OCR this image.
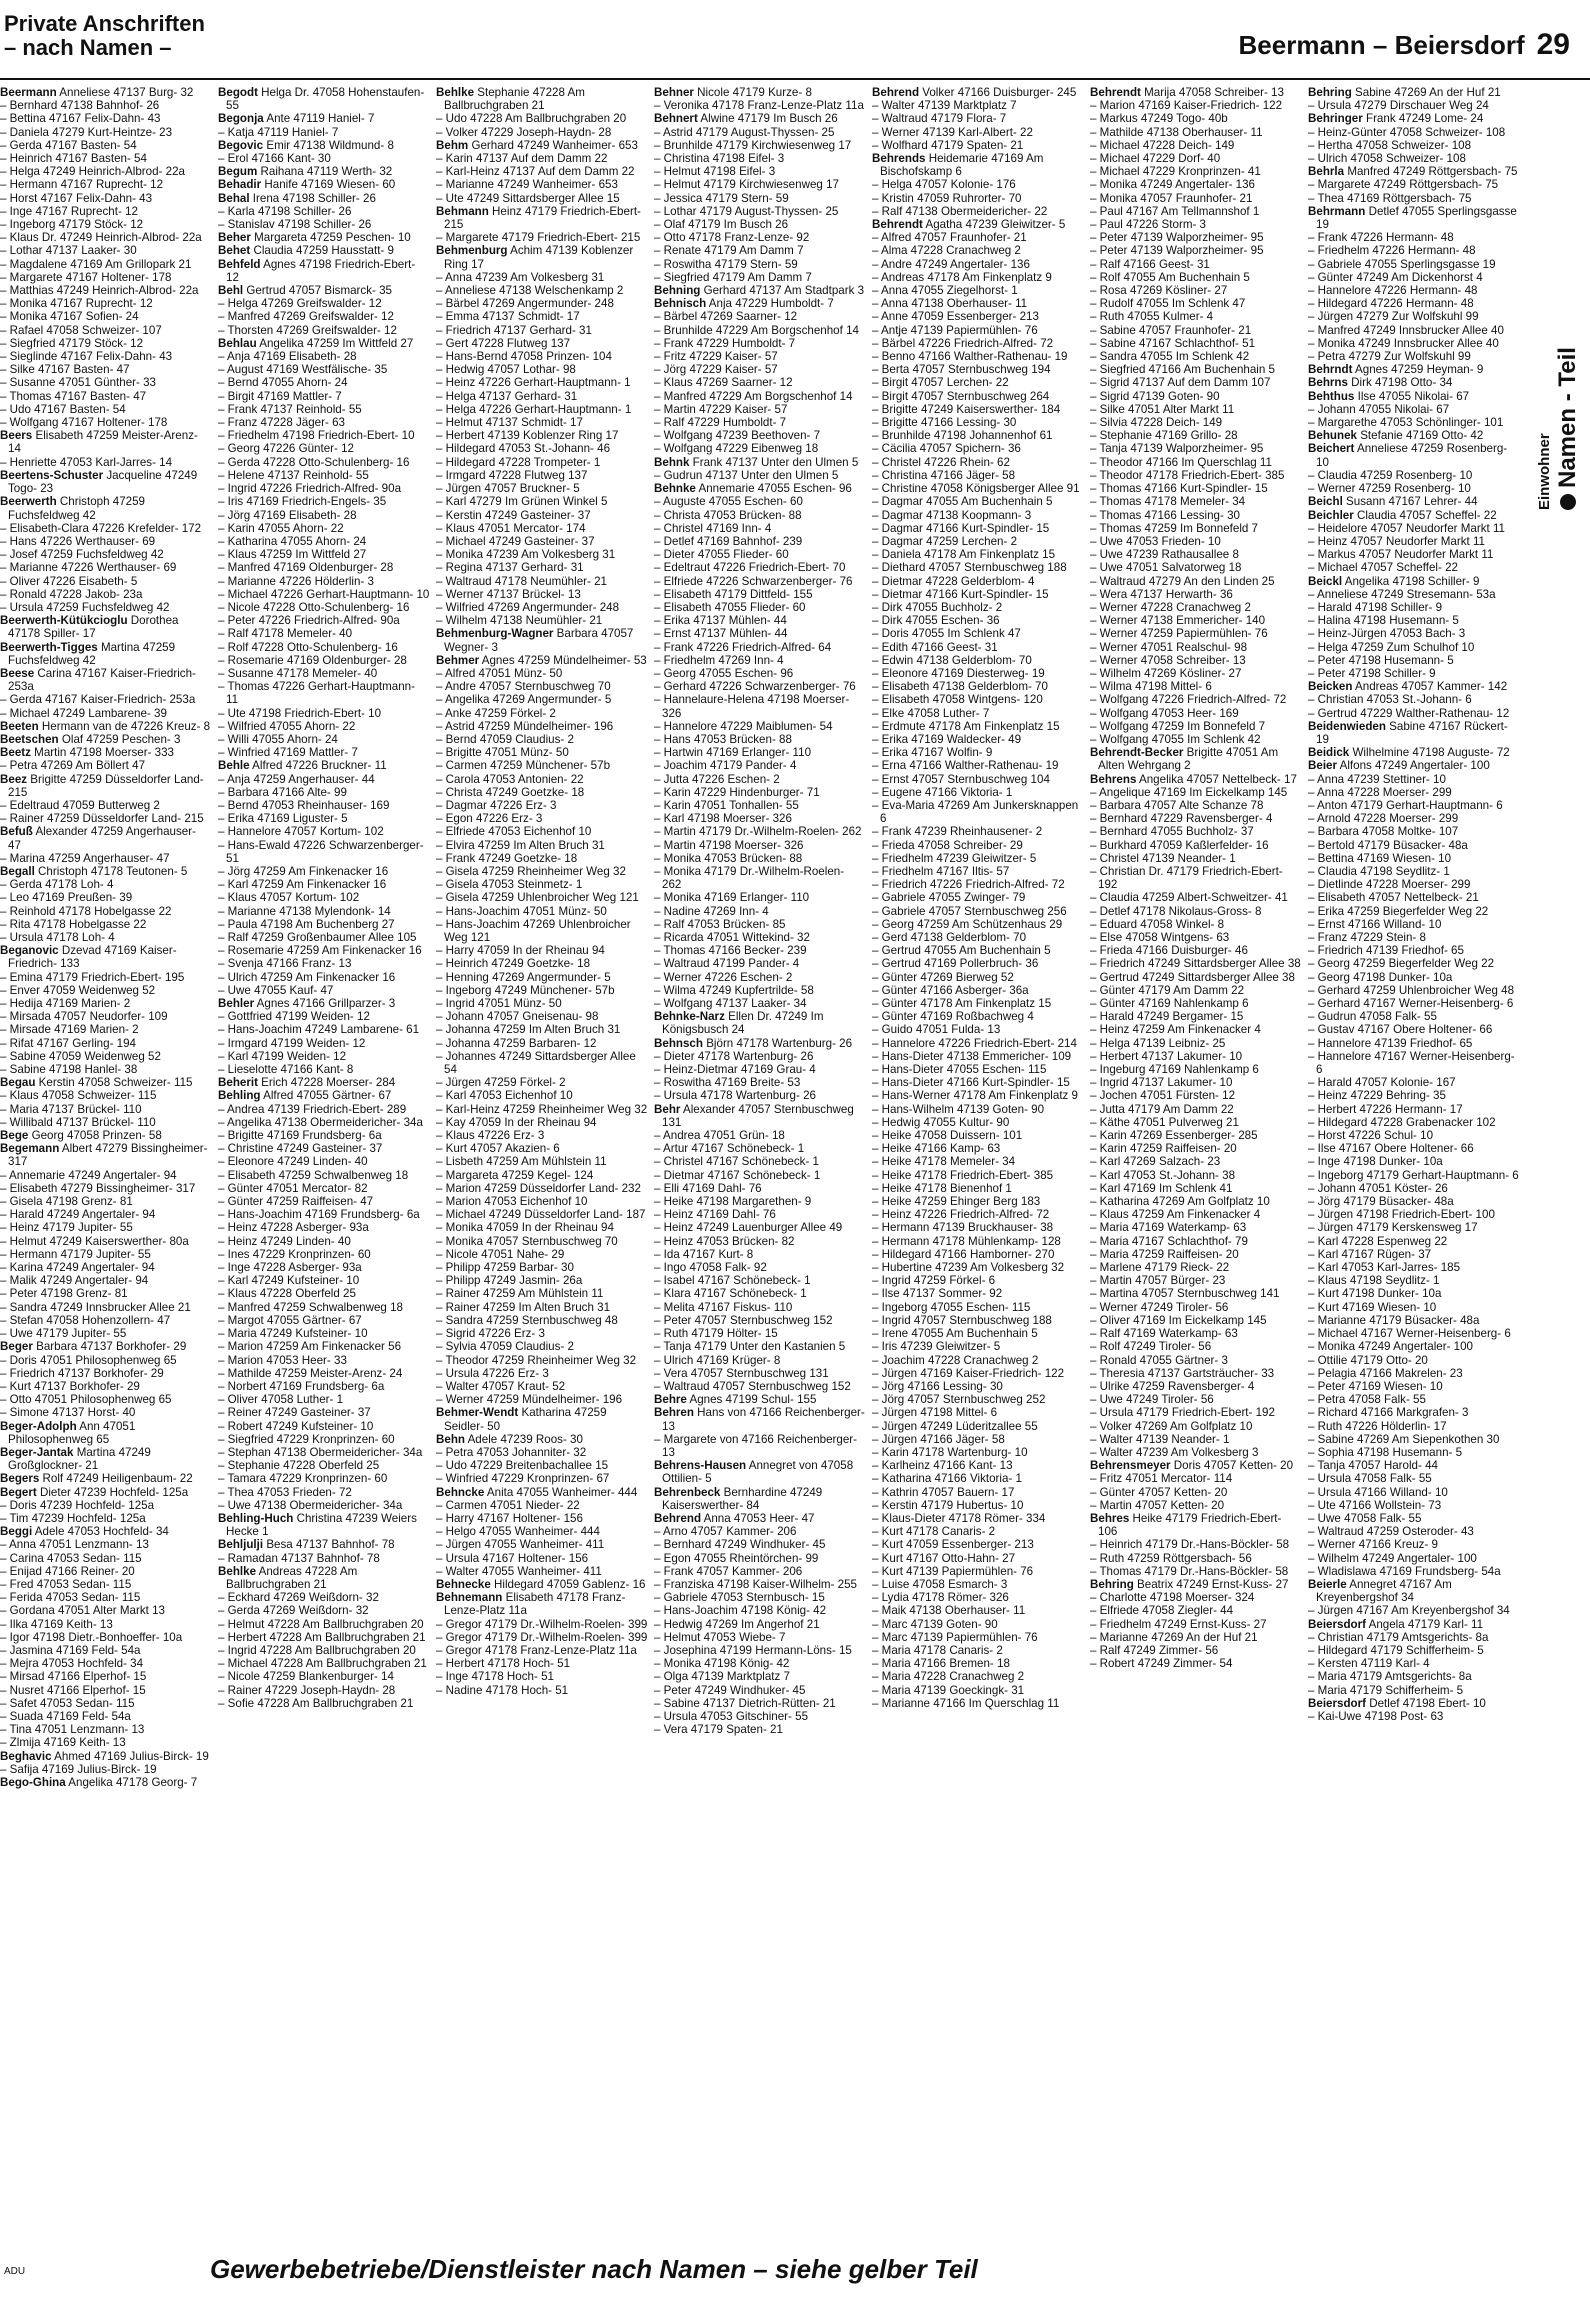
Private Anschriften
– nach Namen –	Beermann – Beiersdorf 29
Beermann Anneliese 47137 Burg- 32
– Bernhard 47138 Bahnhof- 26
– Bettina 47167 Felix-Dahn- 43
– Daniela 47279 Kurt-Heintze- 23
– Gerda 47167 Basten- 54
– Heinrich 47167 Basten- 54
– Helga 47249 Heinrich-Albrod- 22a
– Hermann 47167 Ruprecht- 12
– Horst 47167 Felix-Dahn- 43
– Inge 47167 Ruprecht- 12
– Ingeborg 47179 Stöck- 12
– Klaus Dr. 47249 Heinrich-Albrod- 22a
– Lothar 47137 Laaker- 30
– Magdalene 47169 Am Grillopark 21
– Margarete 47167 Holtener- 178
– Matthias 47249 Heinrich-Albrod- 22a
– Monika 47167 Ruprecht- 12
– Monika 47167 Sofien- 24
– Rafael 47058 Schweizer- 107
– Siegfried 47179 Stöck- 12
– Sieglinde 47167 Felix-Dahn- 43
– Silke 47167 Basten- 47
– Susanne 47051 Günther- 33
– Thomas 47167 Basten- 47
– Udo 47167 Basten- 54
– Wolfgang 47167 Holtener- 178
Beers Elisabeth 47259 Meister-Arenz- 14
– Henriette 47053 Karl-Jarres- 14
Beertens-Schuster Jacqueline 47249 Togo- 23
Beerwerth Christoph 47259 Fuchsfeldweg 42
– Elisabeth-Clara 47226 Krefelder- 172
– Hans 47226 Werthauser- 69
– Josef 47259 Fuchsfeldweg 42
– Marianne 47226 Werthauser- 69
– Oliver 47226 Eisabeth- 5
– Ronald 47228 Jakob- 23a
– Ursula 47259 Fuchsfeldweg 42
Beerwerth-Kütükcioglu Dorothea 47178 Spiller- 17
Beerwerth-Tigges Martina 47259 Fuchsfeldweg 42
Beese Carina 47167 Kaiser-Friedrich- 253a
– Gerda 47167 Kaiser-Friedrich- 253a
– Michael 47249 Lambarene- 39
Beeten Hermann van de 47226 Kreuz- 8
Beetschen Olaf 47259 Peschen- 3
Beetz Martin 47198 Moerser- 333
– Petra 47269 Am Böllert 47
Beez Brigitte 47259 Düsseldorfer Land- 215
– Edeltraud 47059 Butterweg 2
– Rainer 47259 Düsseldorfer Land- 215
Befuß Alexander 47259 Angerhauser- 47
– Marina 47259 Angerhauser- 47
Begall Christoph 47178 Teutonen- 5
– Gerda 47178 Loh- 4
– Leo 47169 Preußen- 39
– Reinhold 47178 Hobelgasse 22
– Rita 47178 Hobelgasse 22
– Ursula 47178 Loh- 4
Beganovic Dzevad 47169 Kaiser-Friedrich- 133
– Emina 47179 Friedrich-Ebert- 195
– Enver 47059 Weidenweg 52
– Hedija 47169 Marien- 2
– Mirsada 47057 Neudorfer- 109
– Mirsade 47169 Marien- 2
– Rifat 47167 Gerling- 194
– Sabine 47059 Weidenweg 52
– Sabine 47198 Hanlel- 38
Begau Kerstin 47058 Schweizer- 115
– Klaus 47058 Schweizer- 115
– Maria 47137 Brückel- 110
– Willibald 47137 Brückel- 110
Bege Georg 47058 Prinzen- 58
Begemann Albert 47279 Bissingheimer- 317
– Annemarie 47249 Angertaler- 94
– Elisabeth 47279 Bissingheimer- 317
– Gisela 47198 Grenz- 81
– Harald 47249 Angertaler- 94
– Heinz 47179 Jupiter- 55
– Helmut 47249 Kaiserswerther- 80a
– Hermann 47179 Jupiter- 55
– Karina 47249 Angertaler- 94
– Malik 47249 Angertaler- 94
– Peter 47198 Grenz- 81
– Sandra 47249 Innsbrucker Allee 21
– Stefan 47058 Hohenzollern- 47
– Uwe 47179 Jupiter- 55
Beger Barbara 47137 Borkhofer- 29
– Doris 47051 Philosophenweg 65
– Friedrich 47137 Borkhofer- 29
– Kurt 47137 Borkhofer- 29
– Otto 47051 Philosophenweg 65
– Simone 47137 Horst- 40
Beger-Adolph Ann 47051 Philosophenweg 65
Beger-Jantak Martina 47249 Großglockner- 21
Begers Rolf 47249 Heiligenbaum- 22
Begert Dieter 47239 Hochfeld- 125a
– Doris 47239 Hochfeld- 125a
– Tim 47239 Hochfeld- 125a
Beggi Adele 47053 Hochfeld- 34
– Anna 47051 Lenzmann- 13
– Carina 47053 Sedan- 115
– Enijad 47166 Reiner- 20
– Fred 47053 Sedan- 115
– Ferida 47053 Sedan- 115
– Gordana 47051 Alter Markt 13
– Ilka 47169 Keith- 13
– Igor 47198 Dietr.-Bonhoeffer- 10a
– Jasmina 47169 Feld- 54a
– Mejra 47053 Hochfeld- 34
– Mirsad 47166 Elperhof- 15
– Nusret 47166 Elperhof- 15
– Safet 47053 Sedan- 115
– Suada 47169 Feld- 54a
– Tina 47051 Lenzmann- 13
– Zlmija 47169 Keith- 13
Beghavic Ahmed 47169 Julius-Birck- 19
– Safija 47169 Julius-Birck- 19
Bego-Ghina Angelika 47178 Georg- 7
Begodt Helga Dr. 47058 Hohenstaufen- 55
Begonja Ante 47119 Haniel- 7
– Katja 47119 Haniel- 7
Begovic Emir 47138 Wildmund- 8
– Erol 47166 Kant- 30
Begum Raihana 47119 Werth- 32
Behadir Hanife 47169 Wiesen- 60
Behal Irena 47198 Schiller- 26
– Karla 47198 Schiller- 26
– Stanislav 47198 Schiller- 26
Beher Margareta 47259 Peschen- 10
Behet Claudia 47259 Hausstatt- 9
Behfeld Agnes 47198 Friedrich-Ebert- 12
Behl Gertrud 47057 Bismarck- 35
– Helga 47269 Greifswalder- 12
– Manfred 47269 Greifswalder- 12
– Thorsten 47269 Greifswalder- 12
Behlau Angelika 47259 Im Wittfeld 27
– Anja 47169 Elisabeth- 28
– August 47169 Westfälische- 35
– Bernd 47055 Ahorn- 24
– Birgit 47169 Mattler- 7
– Frank 47137 Reinhold- 55
– Franz 47228 Jäger- 63
– Friedhelm 47198 Friedrich-Ebert- 10
– Georg 47226 Günter- 12
– Gerda 47228 Otto-Schulenberg- 16
– Helene 47137 Reinhold- 55
– Ingrid 47226 Friedrich-Alfred- 90a
– Iris 47169 Friedrich-Engels- 35
– Jörg 47169 Elisabeth- 28
– Karin 47055 Ahorn- 22
– Katharina 47055 Ahorn- 24
– Klaus 47259 Im Wittfeld 27
– Manfred 47169 Oldenburger- 28
– Marianne 47226 Hölderlin- 3
– Michael 47226 Gerhart-Hauptmann- 10
– Nicole 47228 Otto-Schulenberg- 16
– Peter 47226 Friedrich-Alfred- 90a
– Ralf 47178 Memeler- 40
– Rolf 47228 Otto-Schulenberg- 16
– Rosemarie 47169 Oldenburger- 28
– Susanne 47178 Memeler- 40
– Thomas 47226 Gerhart-Hauptmann- 11
– Ute 47198 Friedrich-Ebert- 10
– Wilfried 47055 Ahorn- 22
– Willi 47055 Ahorn- 24
– Winfried 47169 Mattler- 7
Behle Alfred 47226 Bruckner- 11
– Anja 47259 Angerhauser- 44
– Barbara 47166 Alte- 99
– Bernd 47053 Rheinhauser- 169
– Erika 47169 Liguster- 5
– Hannelore 47057 Kortum- 102
– Hans-Ewald 47226 Schwarzenberger- 51
– Jörg 47259 Am Finkenacker 16
– Karl 47259 Am Finkenacker 16
– Klaus 47057 Kortum- 102
– Marianne 47138 Mylendonk- 14
– Paula 47198 Am Buchenberg 27
– Ralf 47259 Großenbaumer Allee 105
– Rosemarie 47259 Am Finkenacker 16
– Svenja 47166 Franz- 13
– Ulrich 47259 Am Finkenacker 16
– Uwe 47055 Kauf- 47
Behler Agnes 47166 Grillparzer- 3
– Gottfried 47199 Weiden- 12
– Hans-Joachim 47249 Lambarene- 61
– Irmgard 47199 Weiden- 12
– Karl 47199 Weiden- 12
– Lieselotte 47166 Kant- 8
Beherit Erich 47228 Moerser- 284
Behling Alfred 47055 Gärtner- 67
– Andrea 47139 Friedrich-Ebert- 289
– Angelika 47138 Obermeidericher- 34a
– Brigitte 47169 Frundsberg- 6a
– Christine 47249 Gasteiner- 37
– Eleonore 47249 Linden- 40
– Elisabeth 47259 Schwalbenweg 18
– Günter 47051 Mercator- 82
– Günter 47259 Raiffeisen- 47
– Hans-Joachim 47169 Frundsberg- 6a
– Heinz 47228 Asberger- 93a
– Heinz 47249 Linden- 40
– Ines 47229 Kronprinzen- 60
– Inge 47228 Asberger- 93a
– Karl 47249 Kufsteiner- 10
– Klaus 47228 Oberfeld 25
– Manfred 47259 Schwalbenweg 18
– Margot 47055 Gärtner- 67
– Maria 47249 Kufsteiner- 10
– Marion 47259 Am Finkenacker 56
– Marion 47053 Heer- 33
– Mathilde 47259 Meister-Arenz- 24
– Norbert 47169 Frundsberg- 6a
– Oliver 47058 Luther- 1
– Reiner 47249 Gasteiner- 37
– Robert 47249 Kufsteiner- 10
– Siegfried 47229 Kronprinzen- 60
– Stephan 47138 Obermeidericher- 34a
– Stephanie 47228 Oberfeld 25
– Tamara 47229 Kronprinzen- 60
– Thea 47053 Frieden- 72
– Uwe 47138 Obermeidericher- 34a
Behling-Huch Christina 47239 Weiers Hecke 1
Behljulji Besa 47137 Bahnhof- 78
– Ramadan 47137 Bahnhof- 78
Behlke Andreas 47228 Am Ballbruchgraben 21
– Eckhard 47269 Weißdorn- 32
– Gerda 47269 Weißdorn- 32
– Helmut 47228 Am Ballbruchgraben 20
– Herbert 47228 Am Ballbruchgraben 21
– Ingrid 47228 Am Ballbruchgraben 20
– Michael 47228 Am Ballbruchgraben 21
– Nicole 47259 Blankenburger- 14
– Rainer 47229 Joseph-Haydn- 28
– Sofie 47228 Am Ballbruchgraben 21
Behlke Stephanie 47228 Am Ballbruchgraben 21
– Udo 47228 Am Ballbruchgraben 20
– Volker 47229 Joseph-Haydn- 28
Behm Gerhard 47249 Wanheimer- 653
– Karin 47137 Auf dem Damm 22
– Karl-Heinz 47137 Auf dem Damm 22
– Marianne 47249 Wanheimer- 653
– Ute 47249 Sittardsberger Allee 15
Behmann Heinz 47179 Friedrich-Ebert- 215
– Margarete 47179 Friedrich-Ebert- 215
Behmenburg Achim 47139 Koblenzer Ring 17
– Anna 47239 Am Volkesberg 31
– Anneliese 47138 Welschenkamp 2
– Bärbel 47269 Angermunder- 248
– Emma 47137 Schmidt- 17
– Friedrich 47137 Gerhard- 31
– Gert 47228 Flutweg 137
– Hans-Bernd 47058 Prinzen- 104
– Hedwig 47057 Lothar- 98
– Heinz 47226 Gerhart-Hauptmann- 1
– Helga 47137 Gerhard- 31
– Helga 47226 Gerhart-Hauptmann- 1
– Helmut 47137 Schmidt- 17
– Herbert 47139 Koblenzer Ring 17
– Hildegard 47053 St.-Johann- 46
– Hildegard 47228 Trompeter- 1
– Irmgard 47228 Flutweg 137
– Jürgen 47057 Bruckner- 5
– Karl 47279 Im Grünen Winkel 5
– Kerstin 47249 Gasteiner- 37
– Klaus 47051 Mercator- 174
– Michael 47249 Gasteiner- 37
– Monika 47239 Am Volkesberg 31
– Regina 47137 Gerhard- 31
– Waltraud 47178 Neumühler- 21
– Werner 47137 Brückel- 13
– Wilfried 47269 Angermunder- 248
– Wilhelm 47138 Neumühler- 21
Behmenburg-Wagner Barbara 47057 Wegner- 3
Behmer Agnes 47259 Mündelheimer- 53
– Alfred 47051 Münz- 50
– Andre 47057 Sternbuschweg 70
– Angelika 47269 Angermunder- 5
– Anke 47259 Förkel- 2
– Astrid 47259 Mündelheimer- 196
– Bernd 47059 Claudius- 2
– Brigitte 47051 Münz- 50
– Carmen 47259 Münchener- 57b
– Carola 47053 Antonien- 22
– Christa 47249 Goetzke- 18
– Dagmar 47226 Erz- 3
– Egon 47226 Erz- 3
– Elfriede 47053 Eichenhof 10
– Elvira 47259 Im Alten Bruch 31
– Frank 47249 Goetzke- 18
– Gisela 47259 Rheinheimer Weg 32
– Gisela 47053 Steinmetz- 1
– Gisela 47259 Uhlenbroicher Weg 121
– Hans-Joachim 47051 Münz- 50
– Hans-Joachim 47269 Uhlenbroicher Weg 121
– Harry 47059 In der Rheinau 94
– Heinrich 47249 Goetzke- 18
– Henning 47269 Angermunder- 5
– Ingeborg 47249 Münchener- 57b
– Ingrid 47051 Münz- 50
– Johann 47057 Gneisenau- 98
– Johanna 47259 Im Alten Bruch 31
– Johanna 47259 Barbaren- 12
– Johannes 47249 Sittardsberger Allee 54
– Jürgen 47259 Förkel- 2
– Karl 47053 Eichenhof 10
– Karl-Heinz 47259 Rheinheimer Weg 32
– Kay 47059 In der Rheinau 94
– Klaus 47226 Erz- 3
– Kurt 47057 Akazien- 6
– Lisbeth 47259 Am Mühlstein 11
– Margareta 47259 Kegel- 124
– Marion 47259 Düsseldorfer Land- 232
– Marion 47053 Eichenhof 10
– Michael 47249 Düsseldorfer Land- 187
– Monika 47059 In der Rheinau 94
– Monika 47057 Sternbuschweg 70
– Nicole 47051 Nahe- 29
– Philipp 47259 Barbar- 30
– Philipp 47249 Jasmin- 26a
– Rainer 47259 Am Mühlstein 11
– Rainer 47259 Im Alten Bruch 31
– Sandra 47259 Sternbuschweg 48
– Sigrid 47226 Erz- 3
– Sylvia 47059 Claudius- 2
– Theodor 47259 Rheinheimer Weg 32
– Ursula 47226 Erz- 3
– Walter 47057 Kraut- 52
– Werner 47259 Mündelheimer- 196
Behmer-Wendt Katharina 47259 Seidler- 50
Behn Adele 47239 Roos- 30
– Petra 47053 Johanniter- 32
– Udo 47229 Breitenbachallee 15
– Winfried 47229 Kronprinzen- 67
Behncke Anita 47055 Wanheimer- 444
– Carmen 47051 Nieder- 22
– Harry 47167 Holtener- 156
– Helgo 47055 Wanheimer- 444
– Jürgen 47055 Wanheimer- 411
– Ursula 47167 Holtener- 156
– Walter 47055 Wanheimer- 411
Behnecke Hildegard 47059 Gablenz- 16
Behnemann Elisabeth 47178 Franz-Lenze-Platz 11a
– Gregor 47179 Dr.-Wilhelm-Roelen- 399
– Gregor 47179 Dr.-Wilhelm-Roelen- 399
– Gregor 47178 Franz-Lenze-Platz 11a
– Herbert 47178 Hoch- 51
– Inge 47178 Hoch- 51
– Nadine 47178 Hoch- 51
Behner Nicole 47179 Kurze- 8
– Veronika 47178 Franz-Lenze-Platz 11a
Behnert Alwine 47179 Im Busch 26
– Astrid 47179 August-Thyssen- 25
– Brunhilde 47179 Kirchwiesenweg 17
– Christina 47198 Eifel- 3
– Helmut 47198 Eifel- 3
– Helmut 47179 Kirchwiesenweg 17
– Jessica 47179 Stern- 59
– Lothar 47179 August-Thyssen- 25
– Olaf 47179 Im Busch 26
– Otto 47178 Franz-Lenze- 92
– Renate 47179 Am Damm 7
– Roswitha 47179 Stern- 59
– Siegfried 47179 Am Damm 7
Behning Gerhard 47137 Am Stadtpark 3
Behnisch Anja 47229 Humboldt- 7
– Bärbel 47269 Saarner- 12
– Brunhilde 47229 Am Borgschenhof 14
– Frank 47229 Humboldt- 7
– Fritz 47229 Kaiser- 57
– Jörg 47229 Kaiser- 57
– Klaus 47269 Saarner- 12
– Manfred 47229 Am Borgschenhof 14
– Martin 47229 Kaiser- 57
– Ralf 47229 Humboldt- 7
– Wolfgang 47239 Beethoven- 7
– Wolfgang 47229 Eibenweg 18
Behnk Frank 47137 Unter den Ulmen 5
– Gudrun 47137 Unter den Ulmen 5
Behnke Annemarie 47055 Eschen- 96
– Auguste 47055 Eschen- 60
– Christa 47053 Brücken- 88
– Christel 47169 Inn- 4
– Detlef 47169 Bahnhof- 239
– Dieter 47055 Flieder- 60
– Edeltraut 47226 Friedrich-Ebert- 70
– Elfriede 47226 Schwarzenberger- 76
– Elisabeth 47179 Dittfeld- 155
– Elisabeth 47055 Flieder- 60
– Erika 47137 Mühlen- 44
– Ernst 47137 Mühlen- 44
– Frank 47226 Friedrich-Alfred- 64
– Friedhelm 47269 Inn- 4
– Georg 47055 Eschen- 96
– Gerhard 47226 Schwarzenberger- 76
– Hannelaure-Helena 47198 Moerser- 326
– Hannelore 47229 Maiblumen- 54
– Hans 47053 Brücken- 88
– Hartwin 47169 Erlanger- 110
– Joachim 47179 Pander- 4
– Jutta 47226 Eschen- 2
– Karin 47229 Hindenburger- 71
– Karin 47051 Tonhallen- 55
– Karl 47198 Moerser- 326
– Martin 47179 Dr.-Wilhelm-Roelen- 262
– Martin 47198 Moerser- 326
– Monika 47053 Brücken- 88
– Monika 47179 Dr.-Wilhelm-Roelen- 262
– Monika 47169 Erlanger- 110
– Nadine 47269 Inn- 4
– Ralf 47053 Brücken- 85
– Ricarda 47051 Wittekind- 32
– Thomas 47166 Becker- 239
– Waltraud 47199 Pander- 4
– Werner 47226 Eschen- 2
– Wilma 47249 Kupfertrilde- 58
– Wolfgang 47137 Laaker- 34
Behnke-Narz Ellen Dr. 47249 Im Königsbusch 24
Behnsch Björn 47178 Wartenburg- 26
– Dieter 47178 Wartenburg- 26
– Heinz-Dietmar 47169 Grau- 4
– Roswitha 47169 Breite- 53
– Ursula 47178 Wartenburg- 26
Behr Alexander 47057 Sternbuschweg 131
– Andrea 47051 Grün- 18
– Artur 47167 Schönebeck- 1
– Christel 47167 Schönebeck- 1
– Dietmar 47167 Schönebeck- 1
– Elli 47169 Dahl- 76
– Heike 47198 Margarethen- 9
– Heinz 47169 Dahl- 76
– Heinz 47249 Lauenburger Allee 49
– Heinz 47053 Brücken- 82
– Ida 47167 Kurt- 8
– Ingo 47058 Falk- 92
– Isabel 47167 Schönebeck- 1
– Klara 47167 Schönebeck- 1
– Melita 47167 Fiskus- 110
– Peter 47057 Sternbuschweg 152
– Ruth 47179 Hölter- 15
– Tanja 47179 Unter den Kastanien 5
– Ulrich 47169 Krüger- 8
– Vera 47057 Sternbuschweg 131
– Waltraud 47057 Sternbuschweg 152
Behre Agnes 47199 Schul- 155
Behren Hans von 47166 Reichenberger- 13
– Margarete von 47166 Reichenberger- 13
Behrens-Hausen Annegret von 47058 Ottilien- 5
Behrenbeck Bernhardine 47249 Kaiserswerther- 84
Behrend Anna 47053 Heer- 47
– Arno 47057 Kammer- 206
– Bernhard 47249 Windhuker- 45
– Egon 47055 Rheintörchen- 99
– Frank 47057 Kammer- 206
– Franziska 47198 Kaiser-Wilhelm- 255
– Gabriele 47053 Sternbusch- 15
– Hans-Joachim 47198 König- 42
– Hedwig 47269 Im Angerhof 21
– Helmut 47053 Wiebe- 7
– Josephina 47199 Hermann-Löns- 15
– Monika 47198 König- 42
– Olga 47139 Marktplatz 7
– Peter 47249 Windhuker- 45
– Sabine 47137 Dietrich-Rütten- 21
– Ursula 47053 Gitschiner- 55
– Vera 47179 Spaten- 21
Behrend Volker 47166 Duisburger- 245
– Walter 47139 Marktplatz 7
– Waltraud 47179 Flora- 7
– Werner 47139 Karl-Albert- 22
– Wolfhard 47179 Spaten- 21
Behrends Heidemarie 47169 Am Bischofskamp 6
– Helga 47057 Kolonie- 176
– Kristin 47059 Ruhrorter- 70
– Ralf 47138 Obermeidericher- 22
Behrendt Agatha 47239 Gleiwitzer- 5
– Alfred 47057 Fraunhofer- 21
– Alma 47228 Cranachweg 2
– Andre 47249 Angertaler- 136
– Andreas 47178 Am Finkenplatz 9
– Anna 47055 Ziegelhorst- 1
– Anna 47138 Oberhauser- 11
– Anne 47059 Essenberger- 213
– Antje 47139 Papiermühlen- 76
– Bärbel 47226 Friedrich-Alfred- 72
– Benno 47166 Walther-Rathenau- 19
– Berta 47057 Sternbuschweg 194
– Birgit 47057 Lerchen- 22
– Birgit 47057 Sternbuschweg 264
– Brigitte 47249 Kaiserswerther- 184
– Brigitte 47166 Lessing- 30
– Brunhilde 47198 Johannenhof 61
– Cäcilia 47057 Spichern- 36
– Christel 47226 Rhein- 62
– Christina 47166 Jäger- 58
– Christine 47058 Königsberger Allee 91
– Dagmar 47055 Am Buchenhain 5
– Dagmar 47138 Koopmann- 3
– Dagmar 47166 Kurt-Spindler- 15
– Dagmar 47259 Lerchen- 2
– Daniela 47178 Am Finkenplatz 15
– Diethard 47057 Sternbuschweg 188
– Dietmar 47228 Gelderblom- 4
– Dietmar 47166 Kurt-Spindler- 15
– Dirk 47055 Buchholz- 2
– Dirk 47055 Eschen- 36
– Doris 47055 Im Schlenk 47
– Edith 47166 Geest- 31
– Edwin 47138 Gelderblom- 70
– Eleonore 47169 Diesterweg- 19
– Elisabeth 47138 Gelderblom- 70
– Elisabeth 47058 Wintgens- 120
– Elke 47058 Luther- 7
– Erdmute 47178 Am Finkenplatz 15
– Erika 47169 Waldecker- 49
– Erika 47167 Wolfin- 9
– Erna 47166 Walther-Rathenau- 19
– Ernst 47057 Sternbuschweg 104
– Eugene 47166 Viktoria- 1
– Eva-Maria 47269 Am Junkersknappen 6
– Frank 47239 Rheinhausener- 2
– Frieda 47058 Schreiber- 29
– Friedhelm 47239 Gleiwitzer- 5
– Friedhelm 47167 Iltis- 57
– Friedrich 47226 Friedrich-Alfred- 72
– Gabriele 47055 Zwinger- 79
– Gabriele 47057 Sternbuschweg 256
– Georg 47259 Am Schützenhaus 29
– Gerd 47138 Gelderblom- 70
– Gertrud 47055 Am Buchenhain 5
– Gertrud 47169 Pollerbruch- 36
– Günter 47269 Bierweg 52
– Günter 47166 Asberger- 36a
– Günter 47178 Am Finkenplatz 15
– Günter 47169 Roßbachweg 4
– Guido 47051 Fulda- 13
– Hannelore 47226 Friedrich-Ebert- 214
– Hans-Dieter 47138 Emmericher- 109
– Hans-Dieter 47055 Eschen- 115
– Hans-Dieter 47166 Kurt-Spindler- 15
– Hans-Werner 47178 Am Finkenplatz 9
– Hans-Wilhelm 47139 Goten- 90
– Hedwig 47055 Kultur- 90
– Heike 47058 Duissern- 101
– Heike 47166 Kamp- 63
– Heike 47178 Memeler- 34
– Heike 47178 Friedrich-Ebert- 385
– Heike 47178 Bienenhof 1
– Heike 47259 Ehinger Berg 183
– Heinz 47226 Friedrich-Alfred- 72
– Hermann 47139 Bruckhauser- 38
– Hermann 47178 Mühlenkamp- 128
– Hildegard 47166 Hamborner- 270
– Hubertine 47239 Am Volkesberg 32
– Ingrid 47259 Förkel- 6
– Ilse 47137 Sommer- 92
– Ingeborg 47055 Eschen- 115
– Ingrid 47057 Sternbuschweg 188
– Irene 47055 Am Buchenhain 5
– Iris 47239 Gleiwitzer- 5
– Joachim 47228 Cranachweg 2
– Jürgen 47169 Kaiser-Friedrich- 122
– Jörg 47166 Lessing- 30
– Jörg 47057 Sternbuschweg 252
– Jürgen 47198 Mittel- 6
– Jürgen 47249 Lüderitzallee 55
– Jürgen 47166 Jäger- 58
– Karin 47178 Wartenburg- 10
– Karlheinz 47166 Kant- 13
– Katharina 47166 Viktoria- 1
– Kathrin 47057 Bauern- 17
– Kerstin 47179 Hubertus- 10
– Klaus-Dieter 47178 Römer- 334
– Kurt 47178 Canaris- 2
– Kurt 47059 Essenberger- 213
– Kurt 47167 Otto-Hahn- 27
– Kurt 47139 Papiermühlen- 76
– Luise 47058 Esmarch- 3
– Lydia 47178 Römer- 326
– Maik 47138 Oberhauser- 11
– Marc 47139 Goten- 90
– Marc 47139 Papiermühlen- 76
– Maria 47178 Canaris- 2
– Maria 47166 Bremen- 18
– Maria 47228 Cranachweg 2
– Maria 47139 Goeckingk- 31
– Marianne 47166 Im Querschlag 11
Behrendt Marija 47058 Schreiber- 13
– Marion 47169 Kaiser-Friedrich- 122
– Markus 47249 Togo- 40b
– Mathilde 47138 Oberhauser- 11
– Michael 47228 Deich- 149
– Michael 47229 Dorf- 40
– Michael 47229 Kronprinzen- 41
– Monika 47249 Angertaler- 136
– Monika 47057 Fraunhofer- 21
– Paul 47167 Am Tellmannshof 1
– Paul 47226 Storm- 3
– Peter 47139 Walporzheimer- 95
– Peter 47139 Walporzheimer- 95
– Ralf 47166 Geest- 31
– Rolf 47055 Am Buchenhain 5
– Rosa 47269 Kösliner- 27
– Rudolf 47055 Im Schlenk 47
– Ruth 47055 Kulmer- 4
– Sabine 47057 Fraunhofer- 21
– Sabine 47167 Schlachthof- 51
– Sandra 47055 Im Schlenk 42
– Siegfried 47166 Am Buchenhain 5
– Sigrid 47137 Auf dem Damm 107
– Sigrid 47139 Goten- 90
– Silke 47051 Alter Markt 11
– Silvia 47228 Deich- 149
– Stephanie 47169 Grillo- 28
– Tanja 47139 Walporzheimer- 95
– Theodor 47166 Im Querschlag 11
– Theodor 47178 Friedrich-Ebert- 385
– Thomas 47166 Kurt-Spindler- 15
– Thomas 47178 Memeler- 34
– Thomas 47166 Lessing- 30
– Thomas 47259 Im Bonnefeld 7
– Uwe 47053 Frieden- 10
– Uwe 47239 Rathausallee 8
– Uwe 47051 Salvatorweg 18
– Waltraud 47279 An den Linden 25
– Wera 47137 Herwarth- 36
– Werner 47228 Cranachweg 2
– Werner 47138 Emmericher- 140
– Werner 47259 Papiermühlen- 76
– Werner 47051 Realschul- 98
– Werner 47058 Schreiber- 13
– Wilhelm 47269 Kösliner- 27
– Wilma 47198 Mittel- 6
– Wolfgang 47226 Friedrich-Alfred- 72
– Wolfgang 47053 Heer- 169
– Wolfgang 47259 Im Bonnefeld 7
– Wolfgang 47055 Im Schlenk 42
Behrendt-Becker Brigitte 47051 Am Alten Wehrgang 2
Behrens Angelika 47057 Nettelbeck- 17
– Angelique 47169 Im Eickelkamp 145
– Barbara 47057 Alte Schanze 78
– Bernhard 47229 Ravensberger- 4
– Bernhard 47055 Buchholz- 37
– Burkhard 47059 Kaßlerfelder- 16
– Christel 47139 Neander- 1
– Christian Dr. 47179 Friedrich-Ebert- 192
– Claudia 47259 Albert-Schweitzer- 41
– Detlef 47178 Nikolaus-Gross- 8
– Eduard 47058 Winkel- 8
– Else 47058 Wintgens- 63
– Frieda 47166 Duisburger- 46
– Friedrich 47249 Sittardsberger Allee 38
– Gertrud 47249 Sittardsberger Allee 38
– Günter 47179 Am Damm 22
– Günter 47169 Nahlenkamp 6
– Harald 47249 Bergamer- 15
– Heinz 47259 Am Finkenacker 4
– Helga 47139 Leibniz- 25
– Herbert 47137 Lakumer- 10
– Ingeburg 47169 Nahlenkamp 6
– Ingrid 47137 Lakumer- 10
– Jochen 47051 Fürsten- 12
– Jutta 47179 Am Damm 22
– Käthe 47051 Pulverweg 21
– Karin 47269 Essenberger- 285
– Karin 47259 Raiffeisen- 20
– Karl 47269 Salzach- 23
– Karl 47053 St.-Johann- 38
– Karl 47169 Im Schlenk 41
– Katharina 47269 Am Golfplatz 10
– Klaus 47259 Am Finkenacker 4
– Maria 47169 Waterkamp- 63
– Maria 47167 Schlachthof- 79
– Maria 47259 Raiffeisen- 20
– Marlene 47179 Rieck- 22
– Martin 47057 Bürger- 23
– Martina 47057 Sternbuschweg 141
– Werner 47249 Tiroler- 56
– Oliver 47169 Im Eickelkamp 145
– Ralf 47169 Waterkamp- 63
– Rolf 47249 Tiroler- 56
– Ronald 47055 Gärtner- 3
– Theresia 47137 Gartsträucher- 33
– Ulrike 47259 Ravensberger- 4
– Uwe 47249 Tiroler- 56
– Ursula 47179 Friedrich-Ebert- 192
– Volker 47269 Am Golfplatz 10
– Walter 47139 Neander- 1
– Walter 47239 Am Volkesberg 3
Behrensmeyer Doris 47057 Ketten- 20
– Fritz 47051 Mercator- 114
– Günter 47057 Ketten- 20
– Martin 47057 Ketten- 20
Behres Heike 47179 Friedrich-Ebert- 106
– Heinrich 47179 Dr.-Hans-Böckler- 58
– Ruth 47259 Röttgersbach- 56
– Thomas 47179 Dr.-Hans-Böckler- 58
Behring Beatrix 47249 Ernst-Kuss- 27
– Charlotte 47198 Moerser- 324
– Elfriede 47058 Ziegler- 44
– Friedhelm 47249 Ernst-Kuss- 27
– Marianne 47269 An der Huf 21
– Ralf 47249 Zimmer- 56
– Robert 47249 Zimmer- 54
Behring Sabine 47269 An der Huf 21
– Ursula 47279 Dirschauer Weg 24
Behringer Frank 47249 Lome- 24
– Heinz-Günter 47058 Schweizer- 108
– Hertha 47058 Schweizer- 108
– Ulrich 47058 Schweizer- 108
Behrla Manfred 47249 Röttgersbach- 75
– Margarete 47249 Röttgersbach- 75
– Thea 47169 Röttgersbach- 75
Behrmann Detlef 47055 Sperlingsgasse 19
– Frank 47226 Hermann- 48
– Friedhelm 47226 Hermann- 48
– Gabriele 47055 Sperlingsgasse 19
– Günter 47249 Am Dickenhorst 4
– Hannelore 47226 Hermann- 48
– Hildegard 47226 Hermann- 48
– Jürgen 47279 Zur Wolfskuhl 99
– Manfred 47249 Innsbrucker Allee 40
– Monika 47249 Innsbrucker Allee 40
– Petra 47279 Zur Wolfskuhl 99
Behrndt Agnes 47259 Heyman- 9
Behrns Dirk 47198 Otto- 34
Behthus Ilse 47055 Nikolai- 67
– Johann 47055 Nikolai- 67
– Margarethe 47053 Schönlinger- 101
Behunek Stefanie 47169 Otto- 42
Beichert Anneliese 47259 Rosenberg- 10
– Claudia 47259 Rosenberg- 10
– Werner 47259 Rosenberg- 10
Beichl Susann 47167 Lehrer- 44
Beichler Claudia 47057 Scheffel- 22
– Heidelore 47057 Neudorfer Markt 11
– Heinz 47057 Neudorfer Markt 11
– Markus 47057 Neudorfer Markt 11
– Michael 47057 Scheffel- 22
Beickl Angelika 47198 Schiller- 9
– Anneliese 47249 Stresemann- 53a
– Harald 47198 Schiller- 9
– Halina 47198 Husemann- 5
– Heinz-Jürgen 47053 Bach- 3
– Helga 47259 Zum Schulhof 10
– Peter 47198 Husemann- 5
– Peter 47198 Schiller- 9
Beicken Andreas 47057 Kammer- 142
– Christian 47053 St.-Johann- 6
– Gertrud 47229 Walther-Rathenau- 12
Beidenwieden Sabine 47167 Rückert- 19
Beidick Wilhelmine 47198 Auguste- 72
Beier Alfons 47249 Angertaler- 100
– Anna 47239 Stettiner- 10
– Anna 47228 Moerser- 299
– Anton 47179 Gerhart-Hauptmann- 6
– Arnold 47228 Moerser- 299
– Barbara 47058 Moltke- 107
– Bertold 47179 Büsacker- 48a
– Bettina 47169 Wiesen- 10
– Claudia 47198 Seydlitz- 1
– Dietlinde 47228 Moerser- 299
– Elisabeth 47057 Nettelbeck- 21
– Erika 47259 Biegerfelder Weg 22
– Ernst 47166 Willand- 10
– Franz 47229 Stein- 8
– Friedrich 47139 Friedhof- 65
– Georg 47259 Biegerfelder Weg 22
– Georg 47198 Dunker- 10a
– Gerhard 47259 Uhlenbroicher Weg 48
– Gerhard 47167 Werner-Heisenberg- 6
– Gudrun 47058 Falk- 55
– Gustav 47167 Obere Holtener- 66
– Hannelore 47139 Friedhof- 65
– Hannelore 47167 Werner-Heisenberg- 6
– Harald 47057 Kolonie- 167
– Heinz 47229 Behring- 35
– Herbert 47226 Hermann- 17
– Hildegard 47228 Grabenacker 102
– Horst 47226 Schul- 10
– Ilse 47167 Obere Holtener- 66
– Inge 47198 Dunker- 10a
– Ingeborg 47179 Gerhart-Hauptmann- 6
– Johann 47051 Köster- 26
– Jörg 47179 Büsacker- 48a
– Jürgen 47198 Friedrich-Ebert- 100
– Jürgen 47179 Kerskensweg 17
– Karl 47228 Espenweg 22
– Karl 47167 Rügen- 37
– Karl 47053 Karl-Jarres- 185
– Klaus 47198 Seydlitz- 1
– Kurt 47198 Dunker- 10a
– Kurt 47169 Wiesen- 10
– Marianne 47179 Büsacker- 48a
– Michael 47167 Werner-Heisenberg- 6
– Monika 47249 Angertaler- 100
– Ottilie 47179 Otto- 20
– Pelagia 47166 Makrelen- 23
– Peter 47169 Wiesen- 10
– Petra 47058 Falk- 55
– Richard 47166 Markgrafen- 3
– Ruth 47226 Hölderlin- 17
– Sabine 47269 Am Siepenkothen 30
– Sophia 47198 Husemann- 5
– Tanja 47057 Harold- 44
– Ursula 47058 Falk- 55
– Ursula 47166 Willand- 10
– Ute 47166 Wollstein- 73
– Uwe 47058 Falk- 55
– Waltraud 47259 Osteroder- 43
– Werner 47166 Kreuz- 9
– Wilhelm 47249 Angertaler- 100
– Wladislawa 47169 Frundsberg- 54a
Beierle Annegret 47167 Am Kreyenbergshof 34
– Jürgen 47167 Am Kreyenbergshof 34
Beiersdorf Angela 47179 Karl- 11
– Christian 47179 Amtsgerichts- 8a
– Hildegard 47179 Schifferheim- 5
– Kersten 47119 Karl- 4
– Maria 47179 Amtsgerichts- 8a
– Maria 47179 Schifferheim- 5
Beiersdorf Detlef 47198 Ebert- 10
– Kai-Uwe 47198 Post- 63
Einwohner Namen - Teil
ADU	Gewerbebetriebe/Dienstleister nach Namen – siehe gelber Teil
